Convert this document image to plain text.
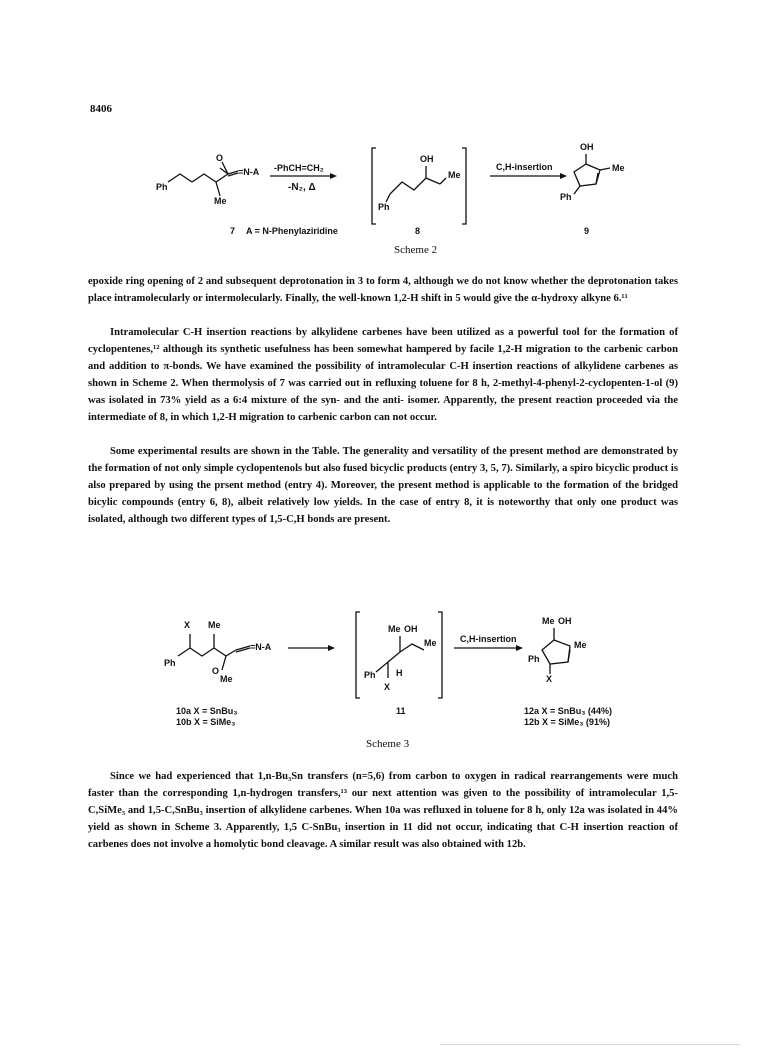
8406
Ph
O
=N-A
Me
-PhCH=CH₂
-N₂, Δ
OH
Me
Ph
C,H-insertion
OH
Me
Ph
7 A = N-Phenylaziridine	8	9
Scheme 2
epoxide ring opening of 2 and subsequent deprotonation in 3 to form 4, although we do not know whether the deprotonation takes place intramolecularly or intermolecularly. Finally, the well-known 1,2-H shift in 5 would give the α-hydroxy alkyne 6.¹¹
Intramolecular C-H insertion reactions by alkylidene carbenes have been utilized as a powerful tool for the formation of cyclopentenes,¹² although its synthetic usefulness has been somewhat hampered by facile 1,2-H migration to the carbenic carbon and addition to π-bonds. We have examined the possibility of intramolecular C-H insertion reactions of alkylidene carbenes as shown in Scheme 2. When thermolysis of 7 was carried out in refluxing toluene for 8 h, 2-methyl-4-phenyl-2-cyclopenten-1-ol (9) was isolated in 73% yield as a 6:4 mixture of the syn- and the anti- isomer. Apparently, the present reaction proceeded via the intermediate of 8, in which 1,2-H migration to carbenic carbon can not occur.
Some experimental results are shown in the Table. The generality and versatility of the present method are demonstrated by the formation of not only simple cyclopentenols but also fused bicyclic products (entry 3, 5, 7). Similarly, a spiro bicyclic product is also prepared by using the prsent method (entry 4). Moreover, the present method is applicable to the formation of the bridged bicylic compounds (entry 6, 8), albeit relatively low yields. In the case of entry 8, it is noteworthy that only one product was isolated, although two different types of 1,5-C,H bonds are present.
X Me
Ph
O
Me
=N-A
Me OH
Me
Ph H
X
C,H-insertion
Me OH
Me
Ph
X
10a X = SnBu₃
10b X = SiMe₃
11	12a X = SnBu₃ (44%)
12b X = SiMe₃ (91%)
Scheme 3
Since we had experienced that 1,n-Bu₃Sn transfers (n=5,6) from carbon to oxygen in radical rearrangements were much faster than the corresponding 1,n-hydrogen transfers,¹³ our next attention was given to the possibility of intramolecular 1,5-C,SiMe₃ and 1,5-C,SnBu₃ insertion of alkylidene carbenes. When 10a was refluxed in toluene for 8 h, only 12a was isolated in 44% yield as shown in Scheme 3. Apparently, 1,5 C-SnBu₃ insertion in 11 did not occur, indicating that C-H insertion reaction of carbenes does not involve a homolytic bond cleavage. A similar result was also obtained with 12b.
